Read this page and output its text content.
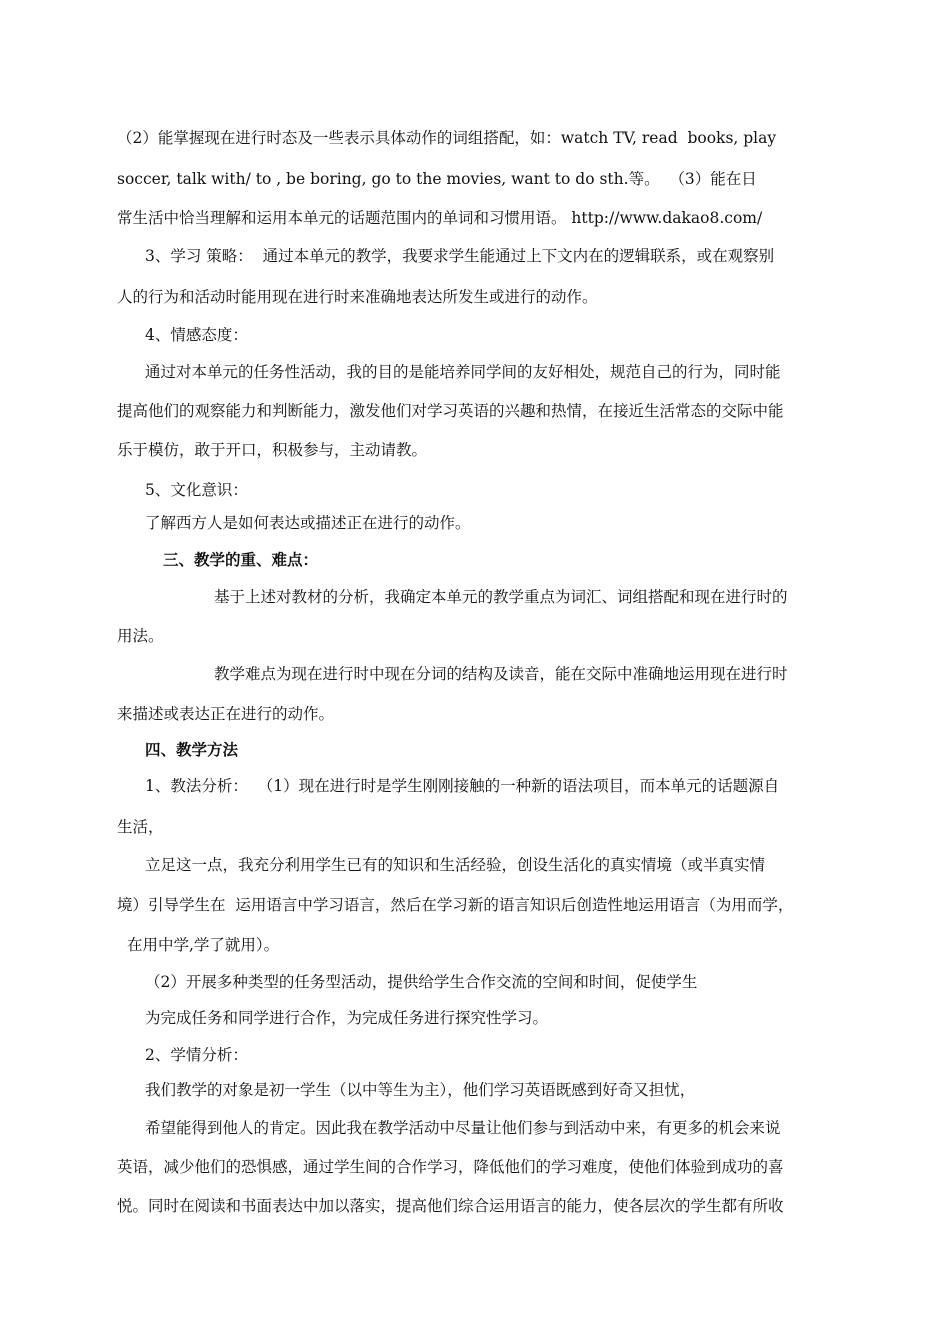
（2）能掌握现在进行时态及一些表示具体动作的词组搭配，如：watch TV, read  books, play
soccer, talk with/ to , be boring, go to the movies, want to do sth.等。  （3）能在日
常生活中恰当理解和运用本单元的话题范围内的单词和习惯用语。 http://www.dakao8.com/
3、学习 策略：  通过本单元的教学，我要求学生能通过上下文内在的逻辑联系，或在观察别
人的行为和活动时能用现在进行时来准确地表达所发生或进行的动作。
4、情感态度：
通过对本单元的任务性活动，我的目的是能培养同学间的友好相处，规范自己的行为，同时能
提高他们的观察能力和判断能力，激发他们对学习英语的兴趣和热情，在接近生活常态的交际中能
乐于模仿，敢于开口，积极参与，主动请教。
5、文化意识：
了解西方人是如何表达或描述正在进行的动作。
三、教学的重、难点：
基于上述对教材的分析，我确定本单元的教学重点为词汇、词组搭配和现在进行时的
用法。
教学难点为现在进行时中现在分词的结构及读音，能在交际中准确地运用现在进行时
来描述或表达正在进行的动作。
四、教学方法
1、教法分析：  （1）现在进行时是学生刚刚接触的一种新的语法项目，而本单元的话题源自
生活，
立足这一点，我充分利用学生已有的知识和生活经验，创设生活化的真实情境（或半真实情
境）引导学生在  运用语言中学习语言，然后在学习新的语言知识后创造性地运用语言（为用而学，
在用中学,学了就用）。
（2）开展多种类型的任务型活动，提供给学生合作交流的空间和时间，促使学生
为完成任务和同学进行合作，为完成任务进行探究性学习。
2、学情分析：
我们教学的对象是初一学生（以中等生为主），他们学习英语既感到好奇又担忧，
希望能得到他人的肯定。因此我在教学活动中尽量让他们参与到活动中来，有更多的机会来说
英语，减少他们的恐惧感，通过学生间的合作学习，降低他们的学习难度，使他们体验到成功的喜
悦。同时在阅读和书面表达中加以落实，提高他们综合运用语言的能力，使各层次的学生都有所收
